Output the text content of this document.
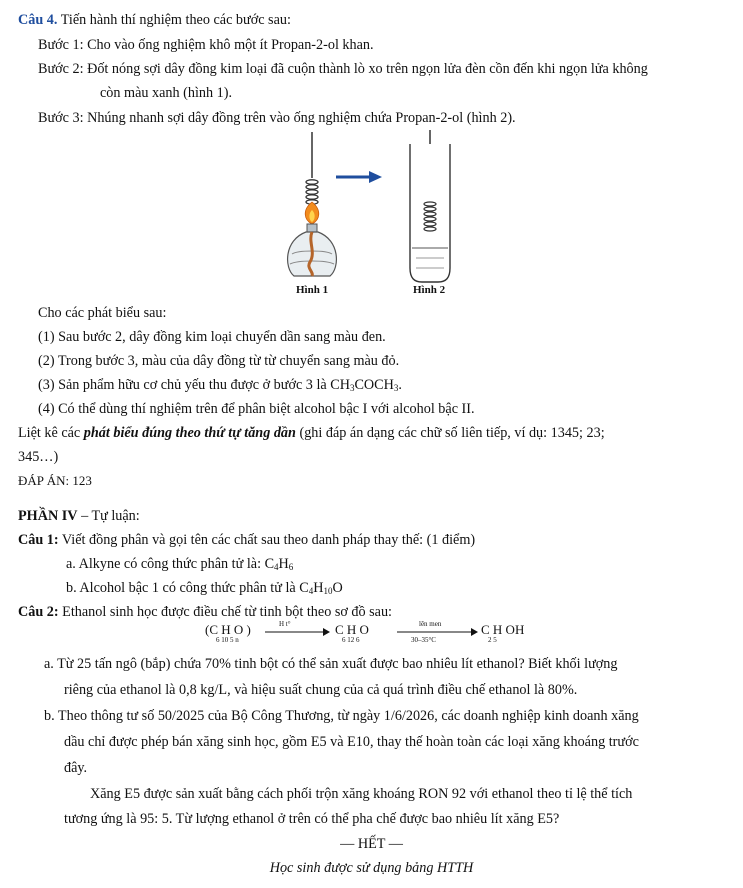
Câu 4. Tiến hành thí nghiệm theo các bước sau:
Bước 1: Cho vào ống nghiệm khô một ít Propan-2-ol khan.
Bước 2: Đốt nóng sợi dây đồng kim loại đã cuộn thành lò xo trên ngọn lửa đèn cồn đến khi ngọn lửa không
còn màu xanh (hình 1).
Bước 3: Nhúng nhanh sợi dây đồng trên vào ống nghiệm chứa Propan-2-ol (hình 2).
Hình 1	Hình 2
Cho các phát biểu sau:
(1) Sau bước 2, dây đồng kim loại chuyển dần sang màu đen.
(2) Trong bước 3, màu của dây đồng từ từ chuyển sang màu đỏ.
(3) Sản phẩm hữu cơ chủ yếu thu được ở bước 3 là $CH_3COCH_3$.
(4) Có thể dùng thí nghiệm trên để phân biệt alcohol bậc I với alcohol bậc II.
Liệt kê các phát biểu đúng theo thứ tự tăng dần (ghi đáp án dạng các chữ số liên tiếp, ví dụ: 1345; 23;
345…)
ĐÁP ÁN: 123
PHẦN IV – Tự luận:
Câu 1: Viết đồng phân và gọi tên các chất sau theo danh pháp thay thế: (1 điểm)
a. Alkyne có công thức phân tử là: $C_4H_6$
b. Alcohol bậc 1 có công thức phân tử là $C_4H_{10}O$
Câu 2: Ethanol sinh học được điều chế từ tinh bột theo sơ đồ sau:
(C H O )
6 10 5 n
H t°	C H O
6 12 6
lên men
30–35°C
C H OH
2 5
a. Từ 25 tấn ngô (bắp) chứa 70% tinh bột có thể sản xuất được bao nhiêu lít ethanol? Biết khối lượng
riêng của ethanol là 0,8 kg/L, và hiệu suất chung của cả quá trình điều chế ethanol là 80%.
b. Theo thông tư số 50/2025 của Bộ Công Thương, từ ngày 1/6/2026, các doanh nghiệp kinh doanh xăng
dầu chỉ được phép bán xăng sinh học, gồm E5 và E10, thay thế hoàn toàn các loại xăng khoáng trước
đây.
Xăng E5 được sản xuất bằng cách phối trộn xăng khoáng RON 92 với ethanol theo tỉ lệ thể tích
tương ứng là 95: 5. Từ lượng ethanol ở trên có thể pha chế được bao nhiêu lít xăng E5?
— HẾT —
Học sinh được sử dụng bảng HTTH
